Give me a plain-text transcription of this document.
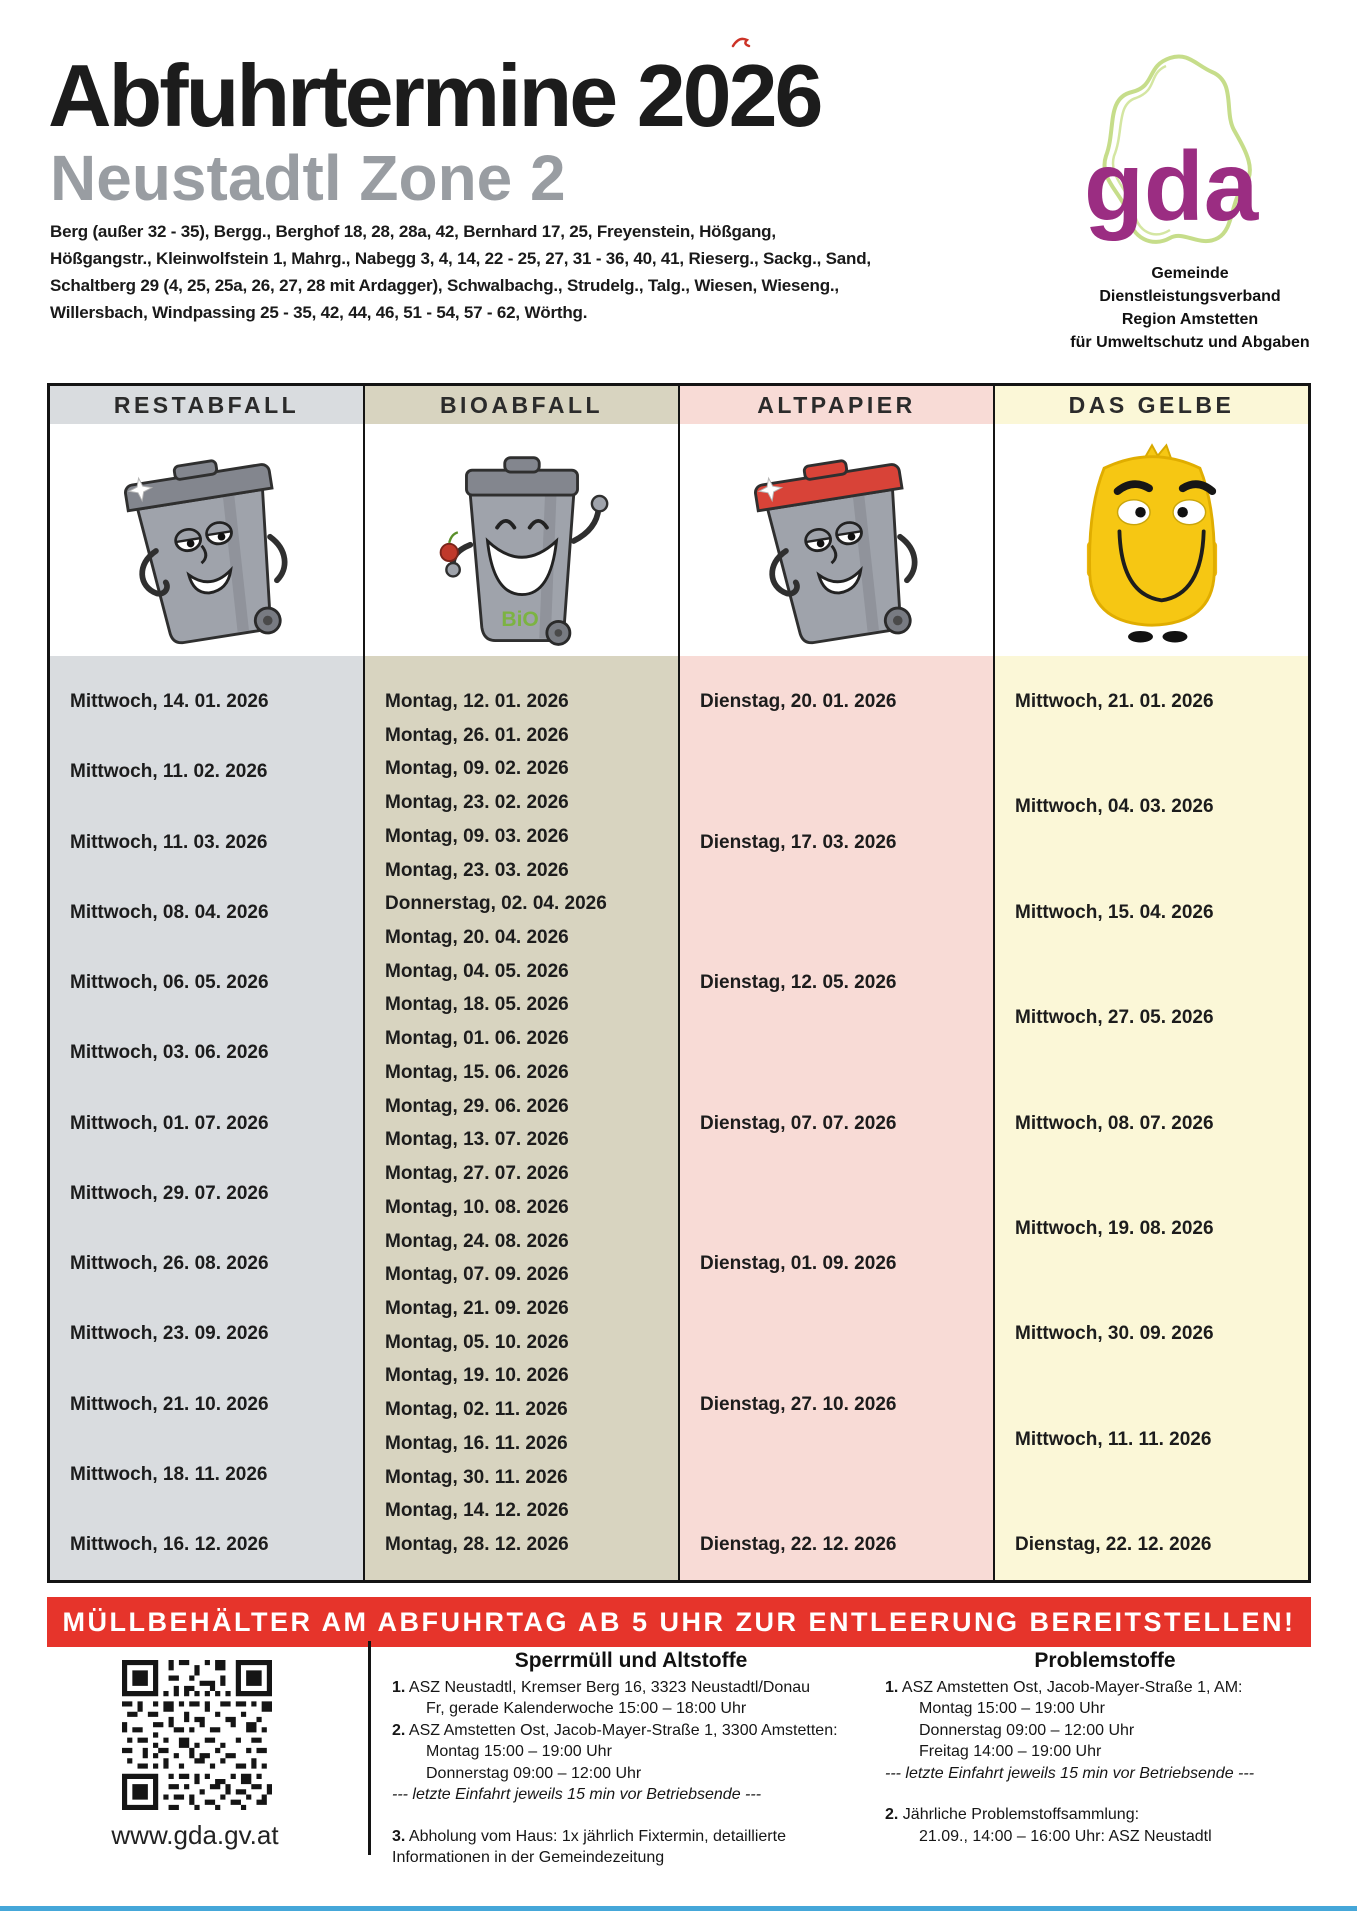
Abfuhrtermine 2026
Neustadtl Zone 2
Berg (außer 32 - 35), Bergg., Berghof 18, 28, 28a, 42, Bernhard 17, 25, Freyenstein, Hößgang,
Hößgangstr., Kleinwolfstein 1, Mahrg., Nabegg 3, 4, 14, 22 - 25, 27, 31 - 36, 40, 41, Rieserg., Sackg., Sand,
Schaltberg 29 (4, 25, 25a, 26, 27, 28 mit Ardagger), Schwalbachg., Strudelg., Talg., Wiesen, Wieseng.,
Willersbach, Windpassing 25 - 35, 42, 44, 46, 51 - 54, 57 - 62, Wörthg.
gda
Gemeinde Dienstleistungsverband
Region Amstetten
für Umweltschutz und Abgaben
RESTABFALL
Mittwoch, 14. 01. 2026
Mittwoch, 11. 02. 2026
Mittwoch, 11. 03. 2026
Mittwoch, 08. 04. 2026
Mittwoch, 06. 05. 2026
Mittwoch, 03. 06. 2026
Mittwoch, 01. 07. 2026
Mittwoch, 29. 07. 2026
Mittwoch, 26. 08. 2026
Mittwoch, 23. 09. 2026
Mittwoch, 21. 10. 2026
Mittwoch, 18. 11. 2026
Mittwoch, 16. 12. 2026
BIOABFALL
BiO
Montag, 12. 01. 2026
Montag, 26. 01. 2026
Montag, 09. 02. 2026
Montag, 23. 02. 2026
Montag, 09. 03. 2026
Montag, 23. 03. 2026
Donnerstag, 02. 04. 2026
Montag, 20. 04. 2026
Montag, 04. 05. 2026
Montag, 18. 05. 2026
Montag, 01. 06. 2026
Montag, 15. 06. 2026
Montag, 29. 06. 2026
Montag, 13. 07. 2026
Montag, 27. 07. 2026
Montag, 10. 08. 2026
Montag, 24. 08. 2026
Montag, 07. 09. 2026
Montag, 21. 09. 2026
Montag, 05. 10. 2026
Montag, 19. 10. 2026
Montag, 02. 11. 2026
Montag, 16. 11. 2026
Montag, 30. 11. 2026
Montag, 14. 12. 2026
Montag, 28. 12. 2026
ALTPAPIER
Dienstag, 20. 01. 2026
Dienstag, 17. 03. 2026
Dienstag, 12. 05. 2026
Dienstag, 07. 07. 2026
Dienstag, 01. 09. 2026
Dienstag, 27. 10. 2026
Dienstag, 22. 12. 2026
DAS GELBE
Mittwoch, 21. 01. 2026
Mittwoch, 04. 03. 2026
Mittwoch, 15. 04. 2026
Mittwoch, 27. 05. 2026
Mittwoch, 08. 07. 2026
Mittwoch, 19. 08. 2026
Mittwoch, 30. 09. 2026
Mittwoch, 11. 11. 2026
Dienstag, 22. 12. 2026
MÜLLBEHÄLTER AM ABFUHRTAG AB 5 UHR ZUR ENTLEERUNG BEREITSTELLEN!
www.gda.gv.at
Sperrmüll und Altstoffe
1. ASZ Neustadtl, Kremser Berg 16, 3323 Neustadtl/Donau
Fr, gerade Kalenderwoche 15:00 – 18:00 Uhr
2. ASZ Amstetten Ost, Jacob-Mayer-Straße 1, 3300 Amstetten:
Montag 15:00 – 19:00 Uhr
Donnerstag 09:00 – 12:00 Uhr
--- letzte Einfahrt jeweils 15 min vor Betriebsende ---
3. Abholung vom Haus: 1x jährlich Fixtermin, detaillierte
Informationen in der Gemeindezeitung
Problemstoffe
1. ASZ Amstetten Ost, Jacob-Mayer-Straße 1, AM:
Montag 15:00 – 19:00 Uhr
Donnerstag 09:00 – 12:00 Uhr
Freitag 14:00 – 19:00 Uhr
--- letzte Einfahrt jeweils 15 min vor Betriebsende ---
2. Jährliche Problemstoffsammlung:
21.09., 14:00 – 16:00 Uhr: ASZ Neustadtl
